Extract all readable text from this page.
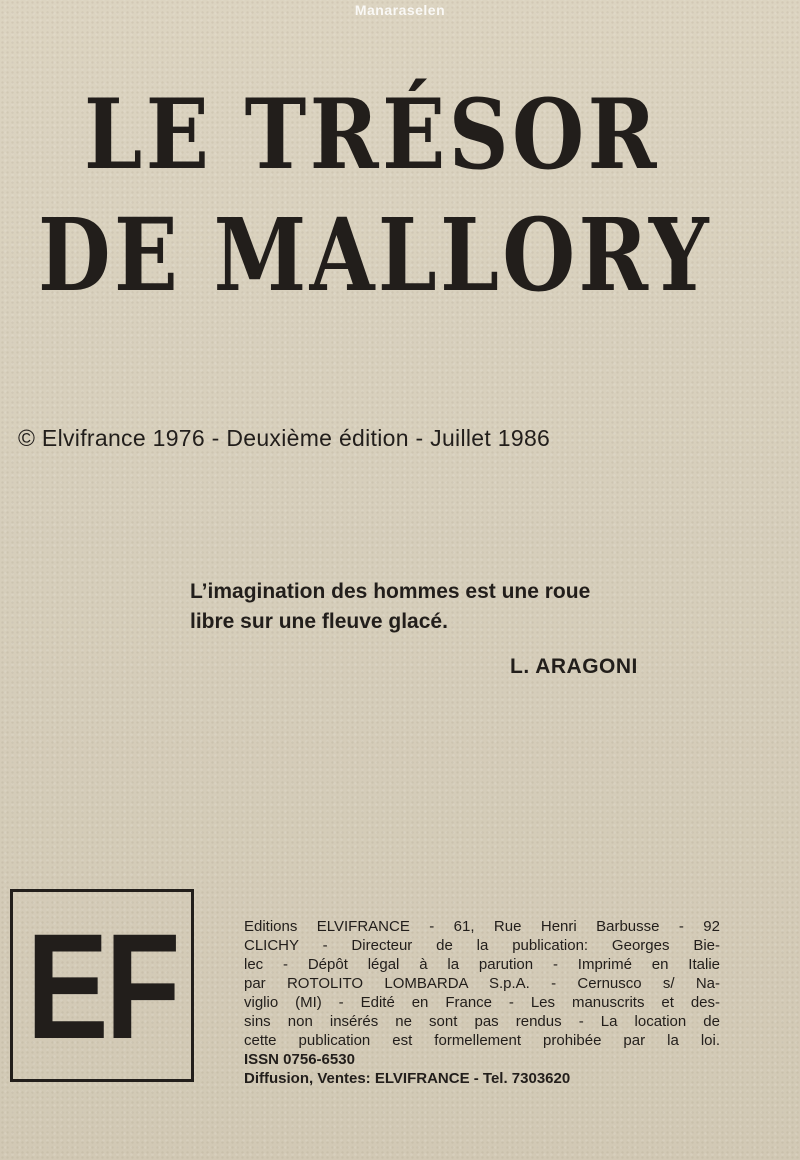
Manaraselen
LE TRÉSOR
DE MALLORY
© Elvifrance 1976 - Deuxième édition - Juillet 1986
L’imagination des hommes est une roue
libre sur une fleuve glacé.
L. ARAGONI
EF	Editions ELVIFRANCE - 61, Rue Henri Barbusse - 92
CLICHY - Directeur de la publication: Georges Bie-
lec - Dépôt légal à la parution - Imprimé en Italie
par ROTOLITO LOMBARDA S.p.A. - Cernusco s/ Na-
viglio (MI) - Edité en France - Les manuscrits et des-
sins non insérés ne sont pas rendus - La location de
cette publication est formellement prohibée par la loi.
ISSN 0756-6530
Diffusion, Ventes: ELVIFRANCE - Tel. 7303620
